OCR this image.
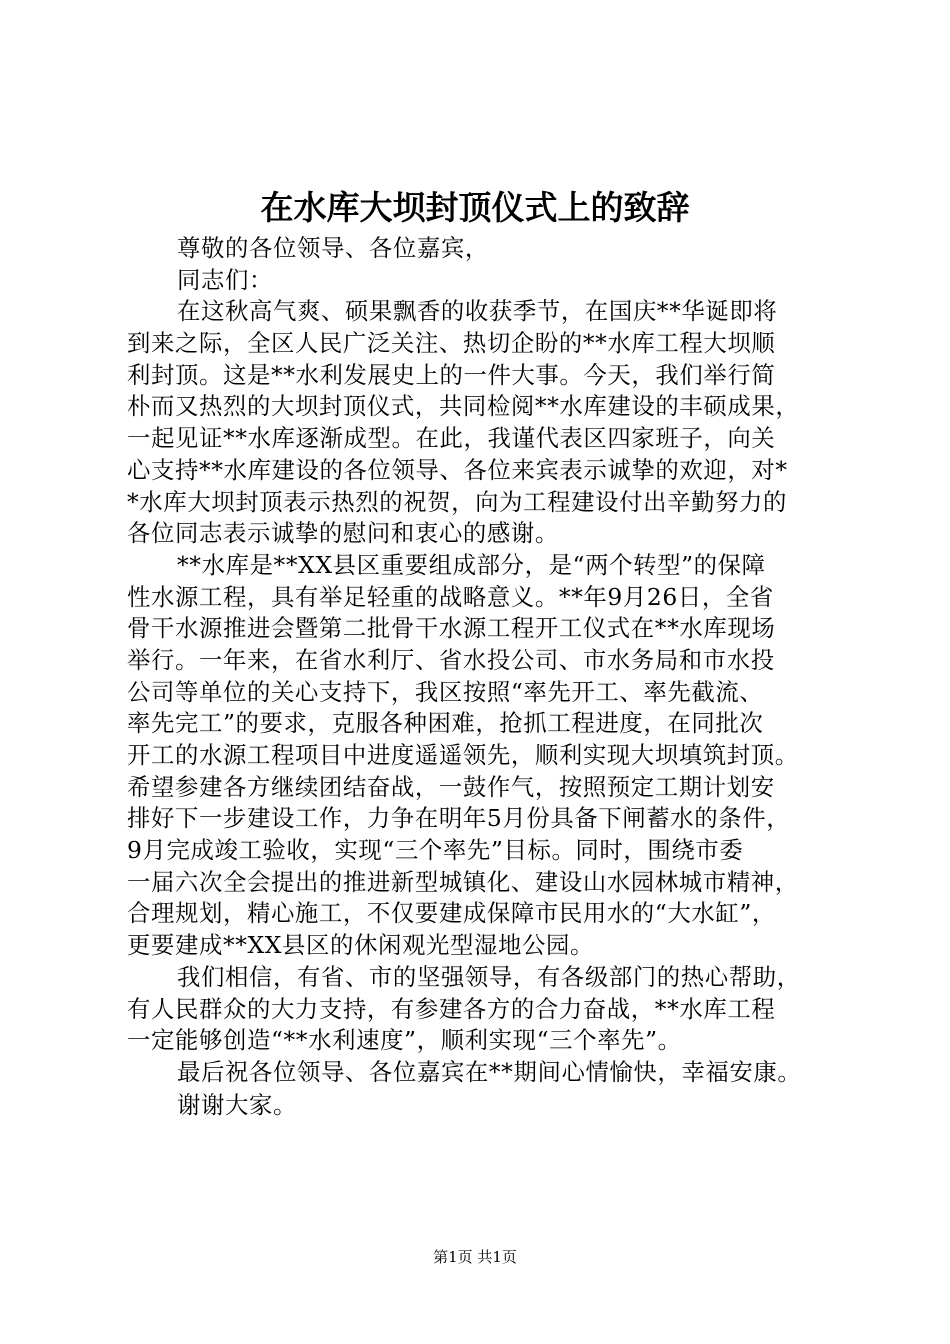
在水库大坝封顶仪式上的致辞
尊敬的各位领导、各位嘉宾，
同志们：
在这秋高气爽、硕果飘香的收获季节，在国庆**华诞即将
到来之际，全区人民广泛关注、热切企盼的**水库工程大坝顺
利封顶。这是**水利发展史上的一件大事。今天，我们举行简
朴而又热烈的大坝封顶仪式，共同检阅**水库建设的丰硕成果，
一起见证**水库逐渐成型。在此，我谨代表区四家班子，向关
心支持**水库建设的各位领导、各位来宾表示诚挚的欢迎，对*
*水库大坝封顶表示热烈的祝贺，向为工程建设付出辛勤努力的
各位同志表示诚挚的慰问和衷心的感谢。
**水库是**XX县区重要组成部分，是“两个转型”的保障
性水源工程，具有举足轻重的战略意义。**年9月26日，全省
骨干水源推进会暨第二批骨干水源工程开工仪式在**水库现场
举行。一年来，在省水利厅、省水投公司、市水务局和市水投
公司等单位的关心支持下，我区按照“率先开工、率先截流、
率先完工”的要求，克服各种困难，抢抓工程进度，在同批次
开工的水源工程项目中进度遥遥领先，顺利实现大坝填筑封顶。
希望参建各方继续团结奋战，一鼓作气，按照预定工期计划安
排好下一步建设工作，力争在明年5月份具备下闸蓄水的条件，
9月完成竣工验收，实现“三个率先”目标。同时，围绕市委
一届六次全会提出的推进新型城镇化、建设山水园林城市精神，
合理规划，精心施工，不仅要建成保障市民用水的“大水缸”，
更要建成**XX县区的休闲观光型湿地公园。
我们相信，有省、市的坚强领导，有各级部门的热心帮助，
有人民群众的大力支持，有参建各方的合力奋战，**水库工程
一定能够创造“**水利速度”，顺利实现“三个率先”。
最后祝各位领导、各位嘉宾在**期间心情愉快，幸福安康。
谢谢大家。
第1页 共1页
